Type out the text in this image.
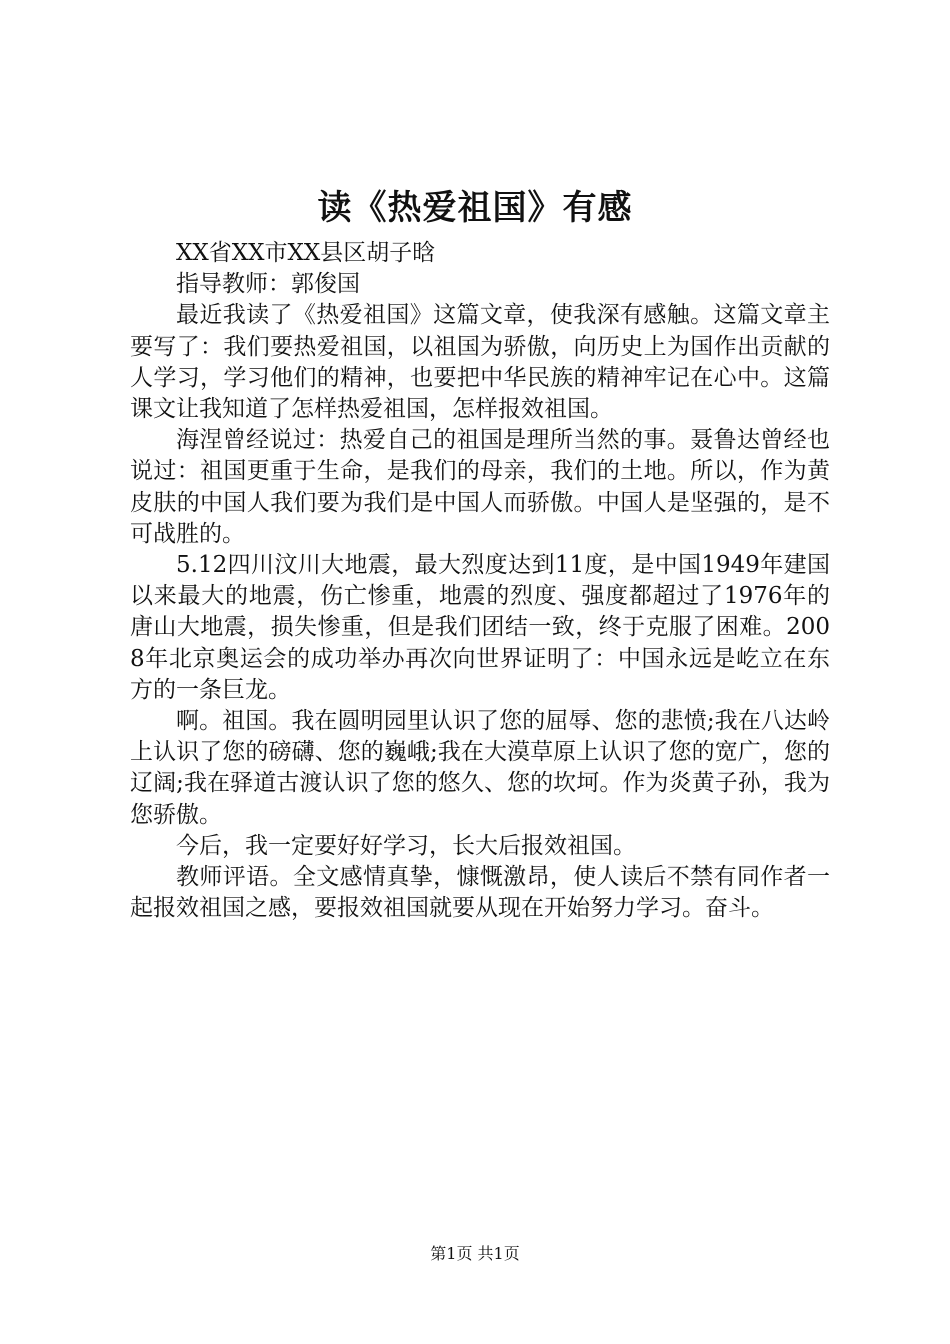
读《热爱祖国》有感

XX省XX市XX县区胡子晗

指导教师：郭俊国

最近我读了《热爱祖国》这篇文章，使我深有感触。这篇文章主要写了：我们要热爱祖国，以祖国为骄傲，向历史上为国作出贡献的人学习，学习他们的精神，也要把中华民族的精神牢记在心中。这篇课文让我知道了怎样热爱祖国，怎样报效祖国。

海涅曾经说过：热爱自己的祖国是理所当然的事。聂鲁达曾经也说过：祖国更重于生命，是我们的母亲，我们的土地。所以，作为黄皮肤的中国人我们要为我们是中国人而骄傲。中国人是坚强的，是不可战胜的。

5.12四川汶川大地震，最大烈度达到11度，是中国1949年建国以来最大的地震，伤亡惨重，地震的烈度、强度都超过了1976年的唐山大地震，损失惨重，但是我们团结一致，终于克服了困难。2008年北京奥运会的成功举办再次向世界证明了：中国永远是屹立在东方的一条巨龙。

啊。祖国。我在圆明园里认识了您的屈辱、您的悲愤;我在八达岭上认识了您的磅礴、您的巍峨;我在大漠草原上认识了您的宽广，您的辽阔;我在驿道古渡认识了您的悠久、您的坎坷。作为炎黄子孙，我为您骄傲。

今后，我一定要好好学习，长大后报效祖国。

教师评语。全文感情真挚，慷慨激昂，使人读后不禁有同作者一起报效祖国之感，要报效祖国就要从现在开始努力学习。奋斗。

第1页 共1页
